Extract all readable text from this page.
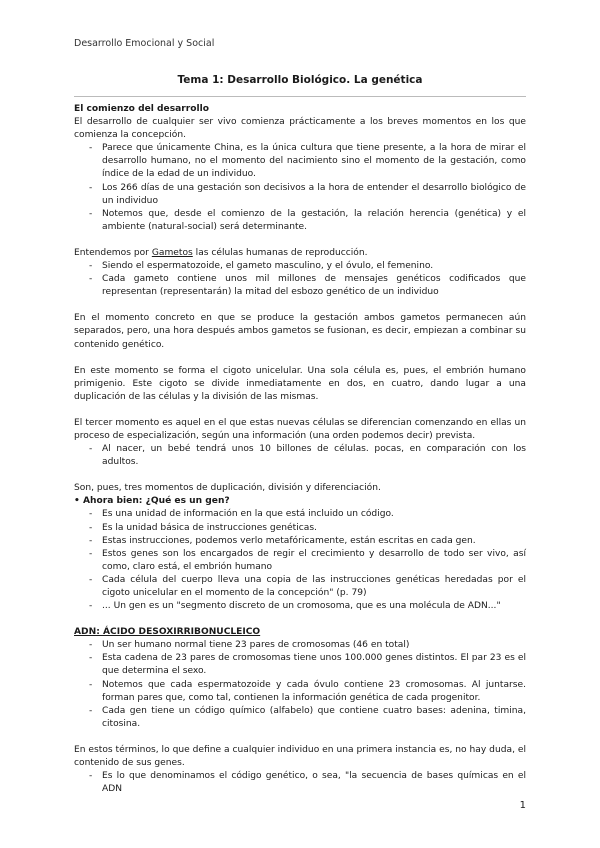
Desarrollo Emocional y Social
Tema 1: Desarrollo Biológico. La genética

El comienzo del desarrollo

El desarrollo de cualquier ser vivo comienza prácticamente a los breves momentos en los que comienza la concepción.

- Parece que únicamente China, es la única cultura que tiene presente, a la hora de mirar el desarrollo humano, no el momento del nacimiento sino el momento de la gestación, como índice de la edad de un individuo.
- Los 266 días de una gestación son decisivos a la hora de entender el desarrollo biológico de un individuo
- Notemos que, desde el comienzo de la gestación, la relación herencia (genética) y el ambiente (natural-social) será determinante.

Entendemos por Gametos las células humanas de reproducción.

- Siendo el espermatozoide, el gameto masculino, y el óvulo, el femenino.
- Cada gameto contiene unos mil millones de mensajes genéticos codificados que representan (representarán) la mitad del esbozo genético de un individuo

En el momento concreto en que se produce la gestación ambos gametos permanecen aún separados, pero, una hora después ambos gametos se fusionan, es decir, empiezan a combinar su contenido genético.

En este momento se forma el cigoto unicelular. Una sola célula es, pues, el embrión humano primigenio. Este cigoto se divide inmediatamente en dos, en cuatro, dando lugar a una duplicación de las células y la división de las mismas.

El tercer momento es aquel en el que estas nuevas células se diferencian comenzando en ellas un proceso de especialización, según una información (una orden podemos decir) prevista.

- Al nacer, un bebé tendrá unos 10 billones de células. pocas, en comparación con los adultos.

Son, pues, tres momentos de duplicación, división y diferenciación.

• Ahora bien: ¿Qué es un gen?

- Es una unidad de información en la que está incluido un código.
- Es la unidad básica de instrucciones genéticas.
- Estas instrucciones, podemos verlo metafóricamente, están escritas en cada gen.
- Estos genes son los encargados de regir el crecimiento y desarrollo de todo ser vivo, así como, claro está, el embrión humano
- Cada célula del cuerpo lleva una copia de las instrucciones genéticas heredadas por el cigoto unicelular en el momento de la concepción" (p. 79)
- ... Un gen es un "segmento discreto de un cromosoma, que es una molécula de ADN..."

ADN: ÁCIDO DESOXIRRIBONUCLEICO

- Un ser humano normal tiene 23 pares de cromosomas (46 en total)
- Esta cadena de 23 pares de cromosomas tiene unos 100.000 genes distintos. El par 23 es el que determina el sexo.
- Notemos que cada espermatozoide y cada óvulo contiene 23 cromosomas. Al juntarse. forman pares que, como tal, contienen la información genética de cada progenitor.
- Cada gen tiene un código químico (alfabelo) que contiene cuatro bases: adenina, timina, citosina.

En estos términos, lo que define a cualquier individuo en una primera instancia es, no hay duda, el contenido de sus genes.

- Es lo que denominamos el código genético, o sea, "la secuencia de bases químicas en el ADN
1
